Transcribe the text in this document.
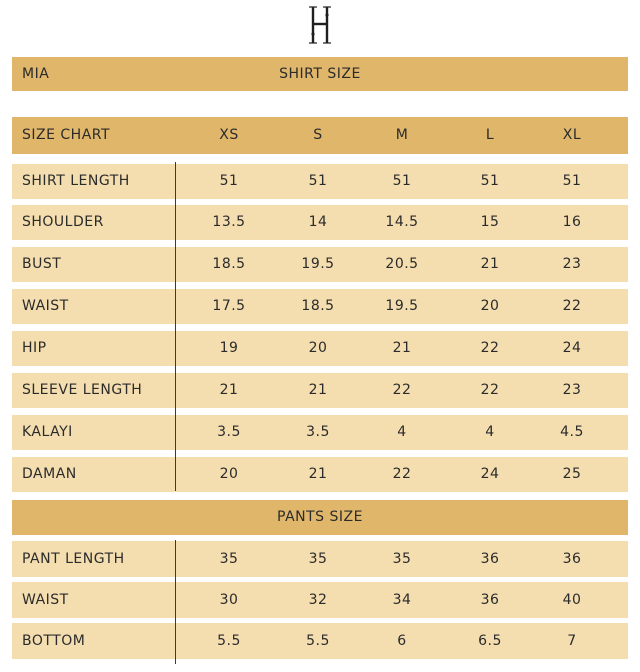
MIA	SHIRT SIZE
SIZE CHART	XS	S	M	L	XL
SHIRT LENGTH	51	51	51	51	51
SHOULDER	13.5	14	14.5	15	16
BUST	18.5	19.5	20.5	21	23
WAIST	17.5	18.5	19.5	20	22
HIP	19	20	21	22	24
SLEEVE LENGTH	21	21	22	22	23
KALAYI	3.5	3.5	4	4	4.5
DAMAN	20	21	22	24	25
PANTS SIZE
PANT LENGTH	35	35	35	36	36
WAIST	30	32	34	36	40
BOTTOM	5.5	5.5	6	6.5	7
